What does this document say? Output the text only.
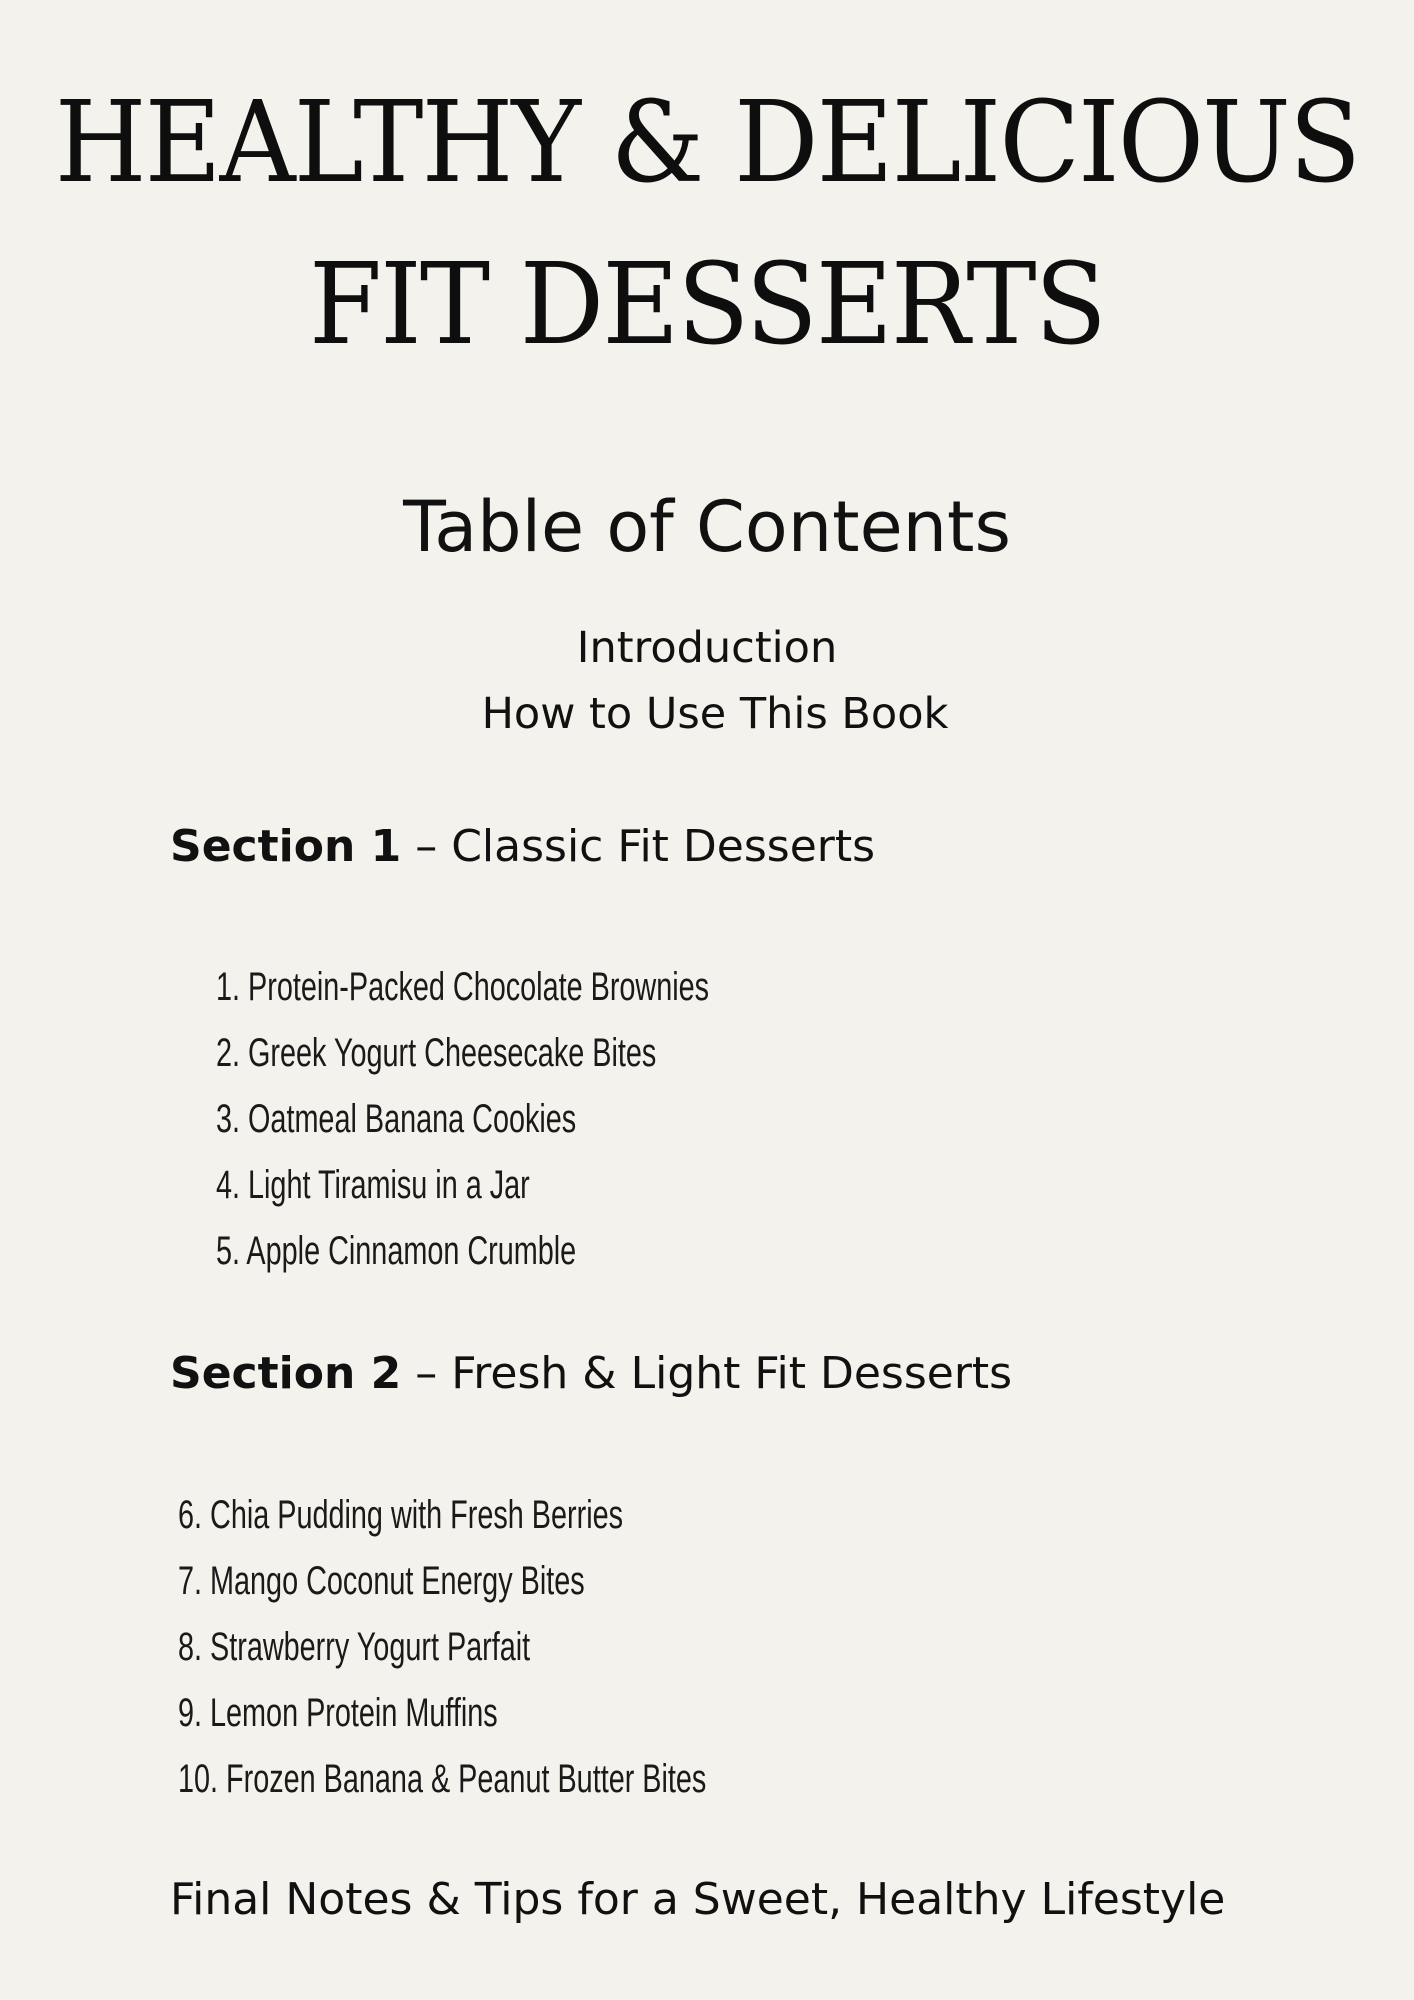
HEALTHY & DELICIOUS
FIT DESSERTS
Table of Contents
Introduction
How to Use This Book
Section 1 – Classic Fit Desserts
1. Protein-Packed Chocolate Brownies
2. Greek Yogurt Cheesecake Bites
3. Oatmeal Banana Cookies
4. Light Tiramisu in a Jar
5. Apple Cinnamon Crumble
Section 2 – Fresh & Light Fit Desserts
6. Chia Pudding with Fresh Berries
7. Mango Coconut Energy Bites
8. Strawberry Yogurt Parfait
9. Lemon Protein Muffins
10. Frozen Banana & Peanut Butter Bites
Final Notes & Tips for a Sweet, Healthy Lifestyle
